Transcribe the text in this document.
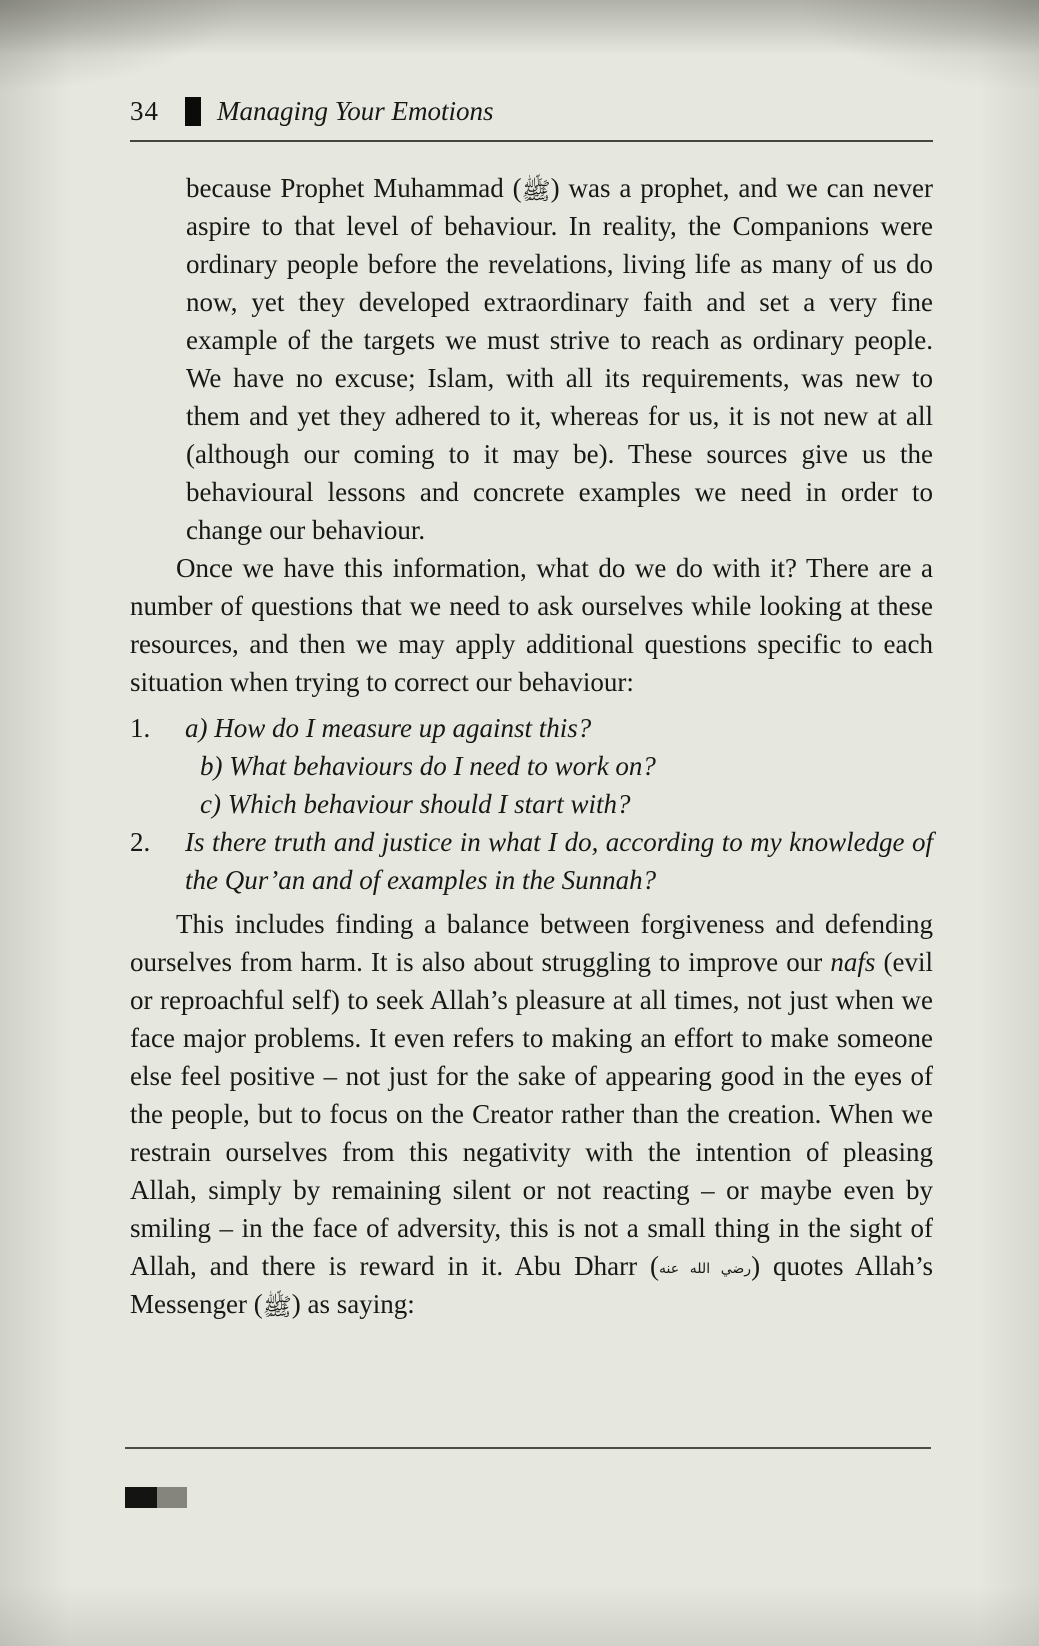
34 Managing Your Emotions

because Prophet Muhammad (ﷺ) was a prophet, and we can never aspire to that level of behaviour. In reality, the Companions were ordinary people before the revelations, living life as many of us do now, yet they developed extraordinary faith and set a very fine example of the targets we must strive to reach as ordinary people. We have no excuse; Islam, with all its requirements, was new to them and yet they adhered to it, whereas for us, it is not new at all (although our coming to it may be). These sources give us the behavioural lessons and concrete examples we need in order to change our behaviour.

Once we have this information, what do we do with it? There are a number of questions that we need to ask ourselves while looking at these resources, and then we may apply additional questions specific to each situation when trying to correct our behaviour:

1.	a) How do I measure up against this?
b) What behaviours do I need to work on?
c) Which behaviour should I start with?
2.	Is there truth and justice in what I do, according to my knowledge of the Qur’an and of examples in the Sunnah?

This includes finding a balance between forgiveness and defending ourselves from harm. It is also about struggling to improve our nafs (evil or reproachful self) to seek Allah’s pleasure at all times, not just when we face major problems. It even refers to making an effort to make someone else feel positive – not just for the sake of appearing good in the eyes of the people, but to focus on the Creator rather than the creation. When we restrain ourselves from this negativity with the intention of pleasing Allah, simply by remaining silent or not reacting – or maybe even by smiling – in the face of adversity, this is not a small thing in the sight of Allah, and there is reward in it. Abu Dharr (رضي الله عنه) quotes Allah’s Messenger (ﷺ) as saying:
